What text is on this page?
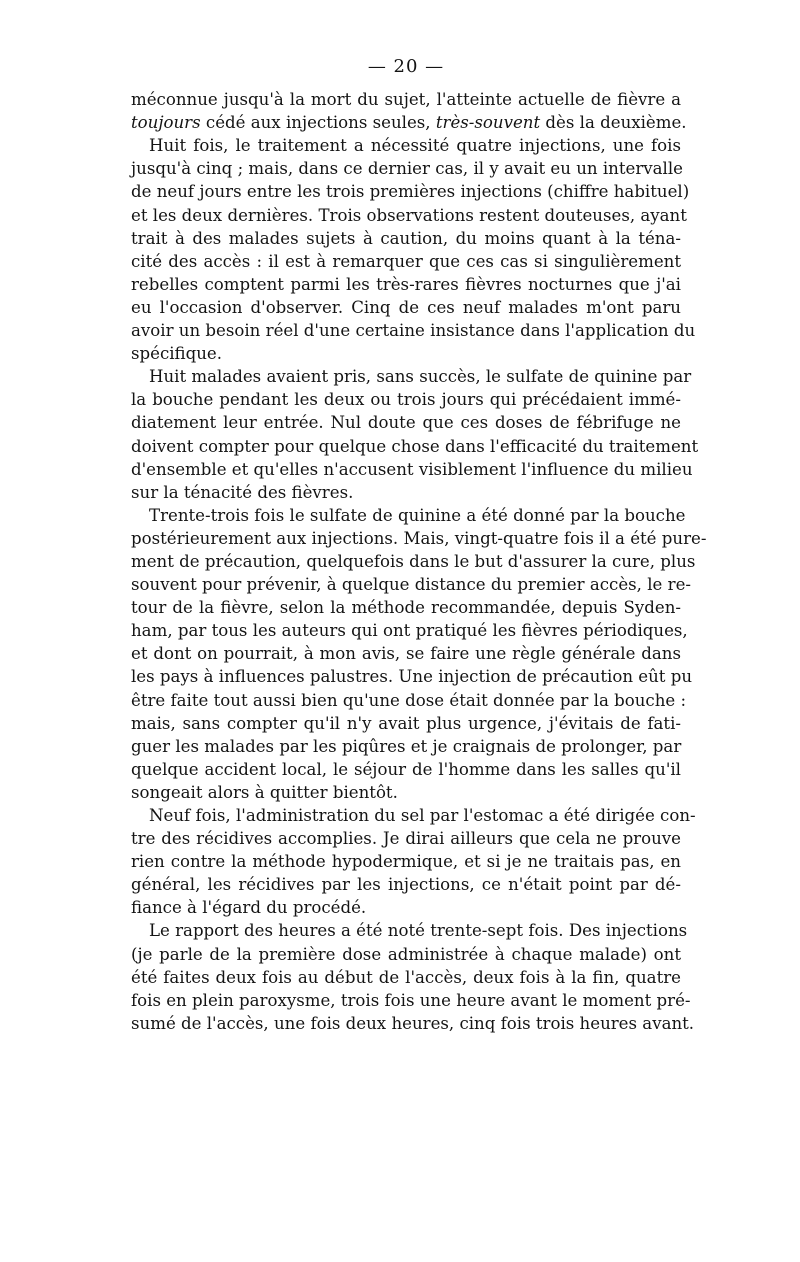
— 20 —
méconnue jusqu'à la mort du sujet, l'atteinte actuelle de fièvre a
toujours cédé aux injections seules, très-souvent dès la deuxième.
Huit fois, le traitement a nécessité quatre injections, une fois
jusqu'à cinq ; mais, dans ce dernier cas, il y avait eu un intervalle
de neuf jours entre les trois premières injections (chiffre habituel)
et les deux dernières. Trois observations restent douteuses, ayant
trait à des malades sujets à caution, du moins quant à la téna-
cité des accès : il est à remarquer que ces cas si singulièrement
rebelles comptent parmi les très-rares fièvres nocturnes que j'ai
eu l'occasion d'observer. Cinq de ces neuf malades m'ont paru
avoir un besoin réel d'une certaine insistance dans l'application du
spécifique.
Huit malades avaient pris, sans succès, le sulfate de quinine par
la bouche pendant les deux ou trois jours qui précédaient immé-
diatement leur entrée. Nul doute que ces doses de fébrifuge ne
doivent compter pour quelque chose dans l'efficacité du traitement
d'ensemble et qu'elles n'accusent visiblement l'influence du milieu
sur la ténacité des fièvres.
Trente-trois fois le sulfate de quinine a été donné par la bouche
postérieurement aux injections. Mais, vingt-quatre fois il a été pure-
ment de précaution, quelquefois dans le but d'assurer la cure, plus
souvent pour prévenir, à quelque distance du premier accès, le re-
tour de la fièvre, selon la méthode recommandée, depuis Syden-
ham, par tous les auteurs qui ont pratiqué les fièvres périodiques,
et dont on pourrait, à mon avis, se faire une règle générale dans
les pays à influences palustres. Une injection de précaution eût pu
être faite tout aussi bien qu'une dose était donnée par la bouche :
mais, sans compter qu'il n'y avait plus urgence, j'évitais de fati-
guer les malades par les piqûres et je craignais de prolonger, par
quelque accident local, le séjour de l'homme dans les salles qu'il
songeait alors à quitter bientôt.
Neuf fois, l'administration du sel par l'estomac a été dirigée con-
tre des récidives accomplies. Je dirai ailleurs que cela ne prouve
rien contre la méthode hypodermique, et si je ne traitais pas, en
général, les récidives par les injections, ce n'était point par dé-
fiance à l'égard du procédé.
Le rapport des heures a été noté trente-sept fois. Des injections
(je parle de la première dose administrée à chaque malade) ont
été faites deux fois au début de l'accès, deux fois à la fin, quatre
fois en plein paroxysme, trois fois une heure avant le moment pré-
sumé de l'accès, une fois deux heures, cinq fois trois heures avant.
